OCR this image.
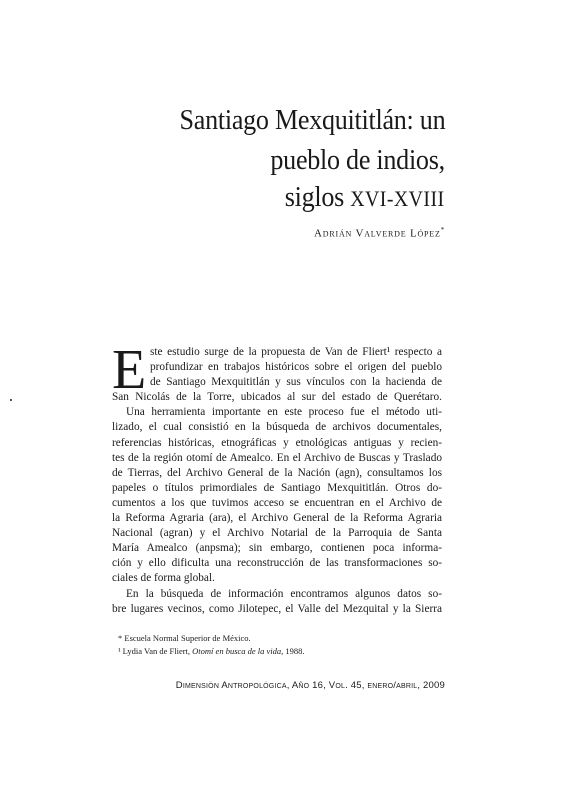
Santiago Mexquititlán: un
pueblo de indios,
siglos XVI-XVIII
Adrián Valverde López*
E ste estudio surge de la propuesta de Van de Fliert¹ respecto a
profundizar en trabajos históricos sobre el origen del pueblo
de Santiago Mexquititlán y sus vínculos con la hacienda de
San Nicolás de la Torre, ubicados al sur del estado de Querétaro.
Una herramienta importante en este proceso fue el método uti-
lizado, el cual consistió en la búsqueda de archivos documentales,
referencias históricas, etnográficas y etnológicas antiguas y recien-
tes de la región otomí de Amealco. En el Archivo de Buscas y Traslado
de Tierras, del Archivo General de la Nación (agn), consultamos los
papeles o títulos primordiales de Santiago Mexquititlán. Otros do-
cumentos a los que tuvimos acceso se encuentran en el Archivo de
la Reforma Agraria (ara), el Archivo General de la Reforma Agraria
Nacional (agran) y el Archivo Notarial de la Parroquia de Santa
María Amealco (anpsma); sin embargo, contienen poca informa-
ción y ello dificulta una reconstrucción de las transformaciones so-
ciales de forma global.
En la búsqueda de información encontramos algunos datos so-
bre lugares vecinos, como Jilotepec, el Valle del Mezquital y la Sierra
* Escuela Normal Superior de México.
¹ Lydia Van de Fliert, Otomí en busca de la vida, 1988.
Dimensión Antropológica, Año 16, Vol. 45, enero/abril, 2009
